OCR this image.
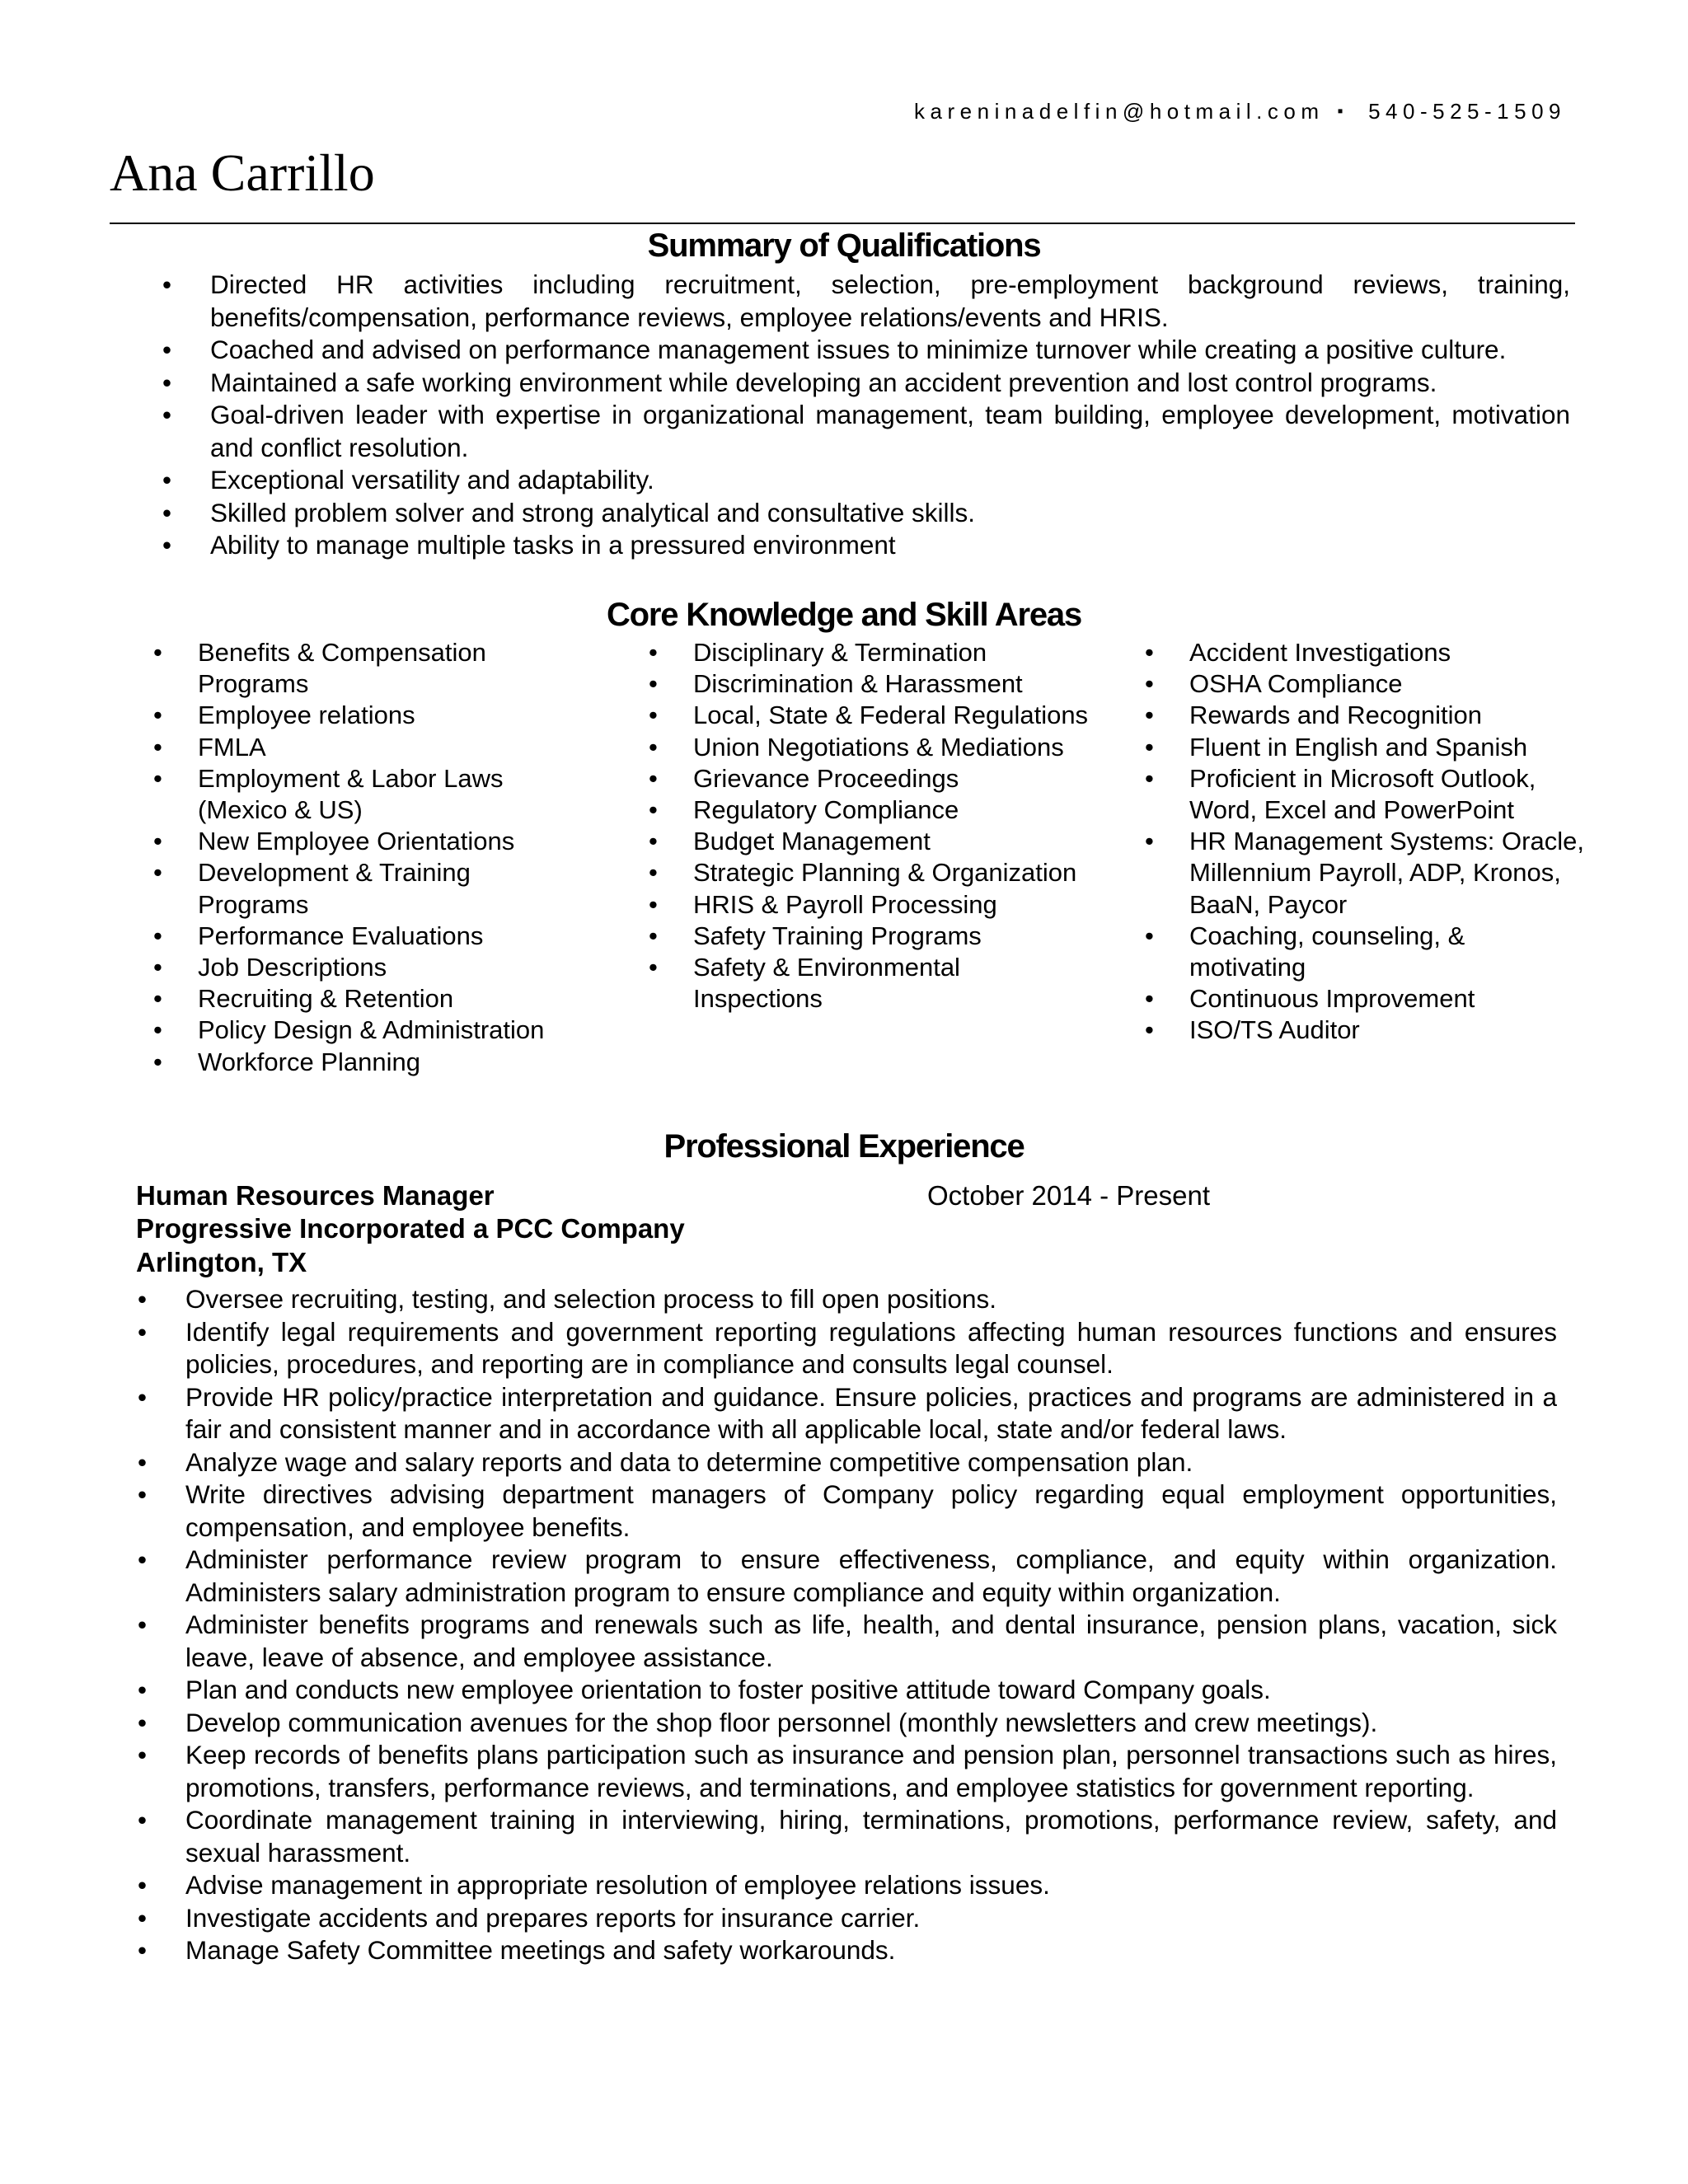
kareninadelfin@hotmail.com ▪ 540-525-1509
Ana Carrillo
Summary of Qualifications
• Directed HR activities including recruitment, selection, pre-employment background reviews, training, benefits/compensation, performance reviews, employee relations/events and HRIS.
• Coached and advised on performance management issues to minimize turnover while creating a positive culture.
• Maintained a safe working environment while developing an accident prevention and lost control programs.
• Goal-driven leader with expertise in organizational management, team building, employee development, motivation and conflict resolution.
• Exceptional versatility and adaptability.
• Skilled problem solver and strong analytical and consultative skills.
• Ability to manage multiple tasks in a pressured environment
Core Knowledge and Skill Areas
• Benefits & Compensation Programs
• Employee relations
• FMLA
• Employment & Labor Laws (Mexico & US)
• New Employee Orientations
• Development & Training Programs
• Performance Evaluations
• Job Descriptions
• Recruiting & Retention
• Policy Design & Administration
• Workforce Planning
• Disciplinary & Termination
• Discrimination & Harassment
• Local, State & Federal Regulations
• Union Negotiations & Mediations
• Grievance Proceedings
• Regulatory Compliance
• Budget Management
• Strategic Planning & Organization
• HRIS & Payroll Processing
• Safety Training Programs
• Safety & Environmental Inspections
• Accident Investigations
• OSHA Compliance
• Rewards and Recognition
• Fluent in English and Spanish
• Proficient in Microsoft Outlook, Word, Excel and PowerPoint
• HR Management Systems: Oracle, Millennium Payroll, ADP, Kronos, BaaN, Paycor
• Coaching, counseling, & motivating
• Continuous Improvement
• ISO/TS Auditor
Professional Experience
Human Resources Manager	October 2014 - Present
Progressive Incorporated a PCC Company
Arlington, TX
• Oversee recruiting, testing, and selection process to fill open positions.
• Identify legal requirements and government reporting regulations affecting human resources functions and ensures policies, procedures, and reporting are in compliance and consults legal counsel.
• Provide HR policy/practice interpretation and guidance. Ensure policies, practices and programs are administered in a fair and consistent manner and in accordance with all applicable local, state and/or federal laws.
• Analyze wage and salary reports and data to determine competitive compensation plan.
• Write directives advising department managers of Company policy regarding equal employment opportunities, compensation, and employee benefits.
• Administer performance review program to ensure effectiveness, compliance, and equity within organization. Administers salary administration program to ensure compliance and equity within organization.
• Administer benefits programs and renewals such as life, health, and dental insurance, pension plans, vacation, sick leave, leave of absence, and employee assistance.
• Plan and conducts new employee orientation to foster positive attitude toward Company goals.
• Develop communication avenues for the shop floor personnel (monthly newsletters and crew meetings).
• Keep records of benefits plans participation such as insurance and pension plan, personnel transactions such as hires, promotions, transfers, performance reviews, and terminations, and employee statistics for government reporting.
• Coordinate management training in interviewing, hiring, terminations, promotions, performance review, safety, and sexual harassment.
• Advise management in appropriate resolution of employee relations issues.
• Investigate accidents and prepares reports for insurance carrier.
• Manage Safety Committee meetings and safety workarounds.
